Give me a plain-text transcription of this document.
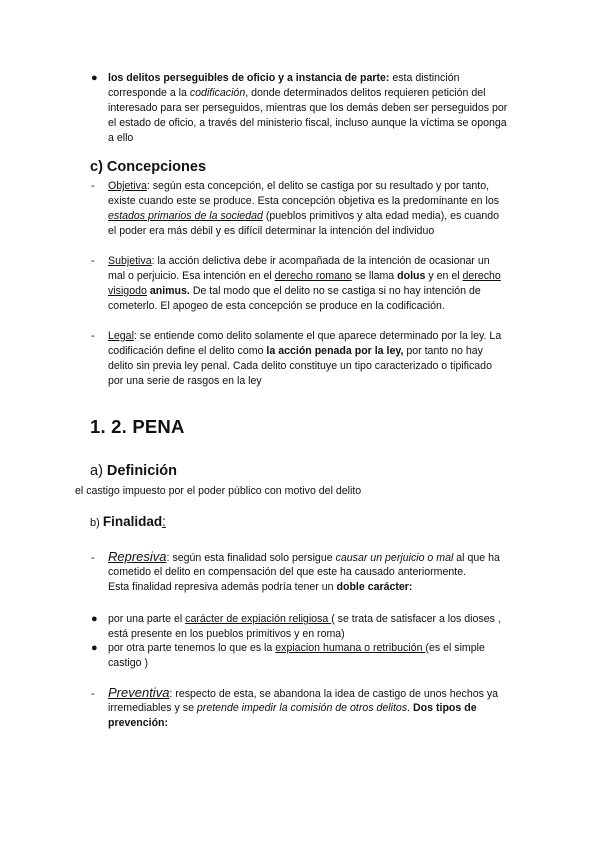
● los delitos perseguibles de oficio y a instancia de parte: esta distinción
corresponde a la codificación, donde determinados delitos requieren petición del
interesado para ser perseguidos, mientras que los demás deben ser perseguidos por
el estado de oficio, a través del ministerio fiscal, incluso aunque la víctima se oponga
a ello
c) Concepciones
- Objetiva: según esta concepción, el delito se castiga por su resultado y por tanto,
existe cuando este se produce. Esta concepción objetiva es la predominante en los
estados primarios de la sociedad (pueblos primitivos y alta edad media), es cuando
el poder era más débil y es difícil determinar la intención del individuo
- Subjetiva: la acción delictiva debe ir acompañada de la intención de ocasionar un
mal o perjuicio. Esa intención en el derecho romano se llama dolus y en el derecho
visigodo animus. De tal modo que el delito no se castiga si no hay intención de
cometerlo. El apogeo de esta concepción se produce en la codificación.
- Legal: se entiende como delito solamente el que aparece determinado por la ley. La
codificación define el delito como la acción penada por la ley, por tanto no hay
delito sin previa ley penal. Cada delito constituye un tipo caracterizado o tipificado
por una serie de rasgos en la ley
1. 2. PENA
a) Definición
el castigo impuesto por el poder público con motivo del delito
b) Finalidad:
- Represiva: según esta finalidad solo persigue causar un perjuicio o mal al que ha
cometido el delito en compensación del que este ha causado anteriormente.
Esta finalidad represiva además podría tener un doble carácter:
● por una parte el carácter de expiación religiosa ( se trata de satisfacer a los dioses ,
está presente en los pueblos primitivos y en roma)
● por otra parte tenemos lo que es la expiacion humana o retribución (es el simple
castigo )
- Preventiva: respecto de esta, se abandona la idea de castigo de unos hechos ya
irremediables y se pretende impedir la comisión de otros delitos. Dos tipos de
prevención:
